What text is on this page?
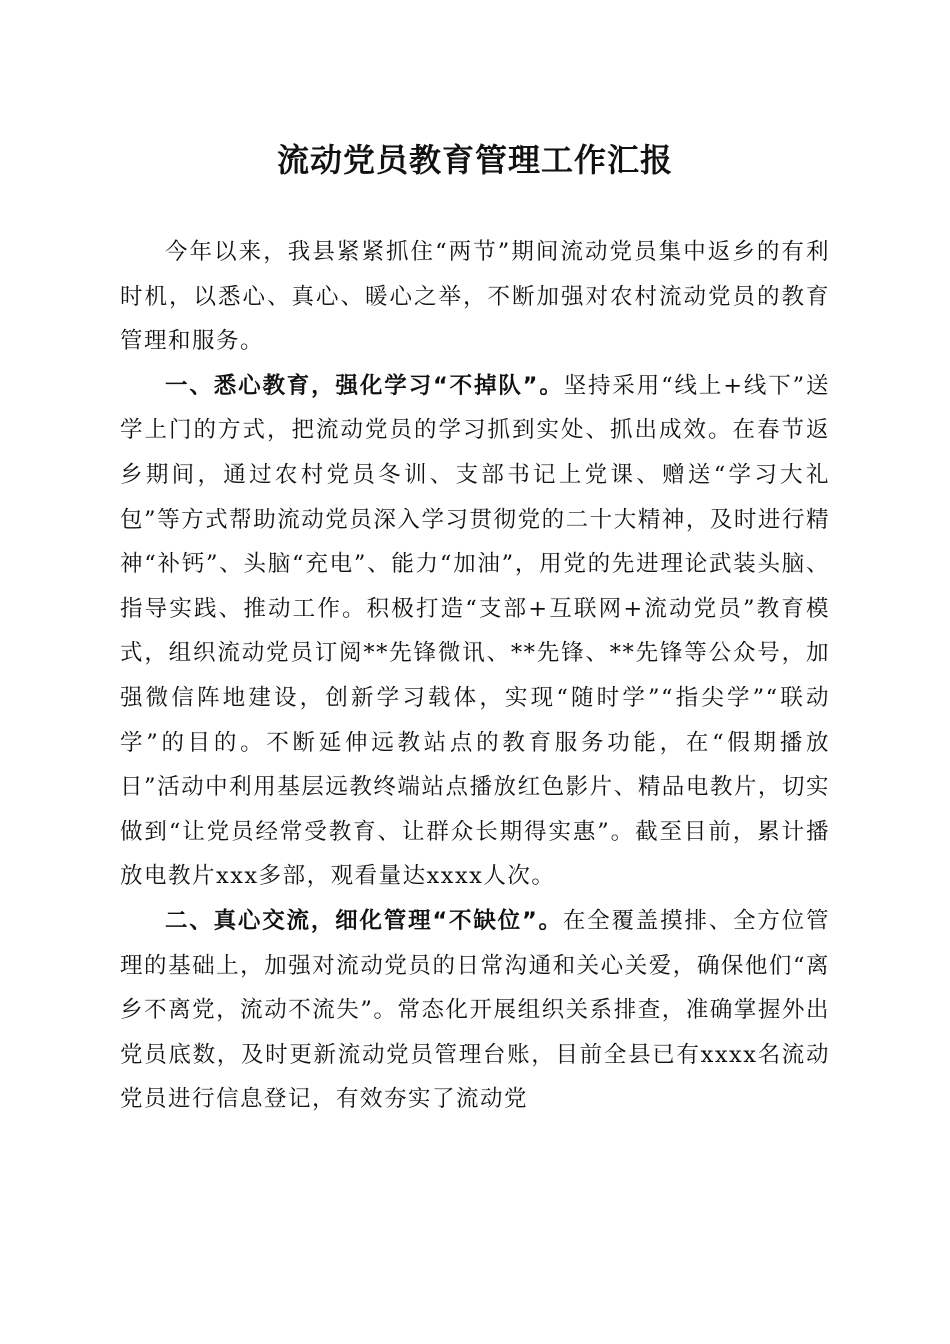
流动党员教育管理工作汇报

今年以来，我县紧紧抓住“两节”期间流动党员集中返乡的有利时机，以悉心、真心、暖心之举，不断加强对农村流动党员的教育管理和服务。

一、悉心教育，强化学习“不掉队”。坚持采用“线上+线下”送学上门的方式，把流动党员的学习抓到实处、抓出成效。在春节返乡期间，通过农村党员冬训、支部书记上党课、赠送“学习大礼包”等方式帮助流动党员深入学习贯彻党的二十大精神，及时进行精神“补钙”、头脑“充电”、能力“加油”，用党的先进理论武装头脑、指导实践、推动工作。积极打造“支部+互联网+流动党员”教育模式，组织流动党员订阅**先锋微讯、**先锋、**先锋等公众号，加强微信阵地建设，创新学习载体，实现“随时学”“指尖学”“联动学”的目的。不断延伸远教站点的教育服务功能，在“假期播放日”活动中利用基层远教终端站点播放红色影片、精品电教片，切实做到“让党员经常受教育、让群众长期得实惠”。截至目前，累计播放电教片xxx多部，观看量达xxxx人次。

二、真心交流，细化管理“不缺位”。在全覆盖摸排、全方位管理的基础上，加强对流动党员的日常沟通和关心关爱，确保他们“离乡不离党，流动不流失”。常态化开展组织关系排查，准确掌握外出党员底数，及时更新流动党员管理台账，目前全县已有xxxx名流动党员进行信息登记，有效夯实了流动党
